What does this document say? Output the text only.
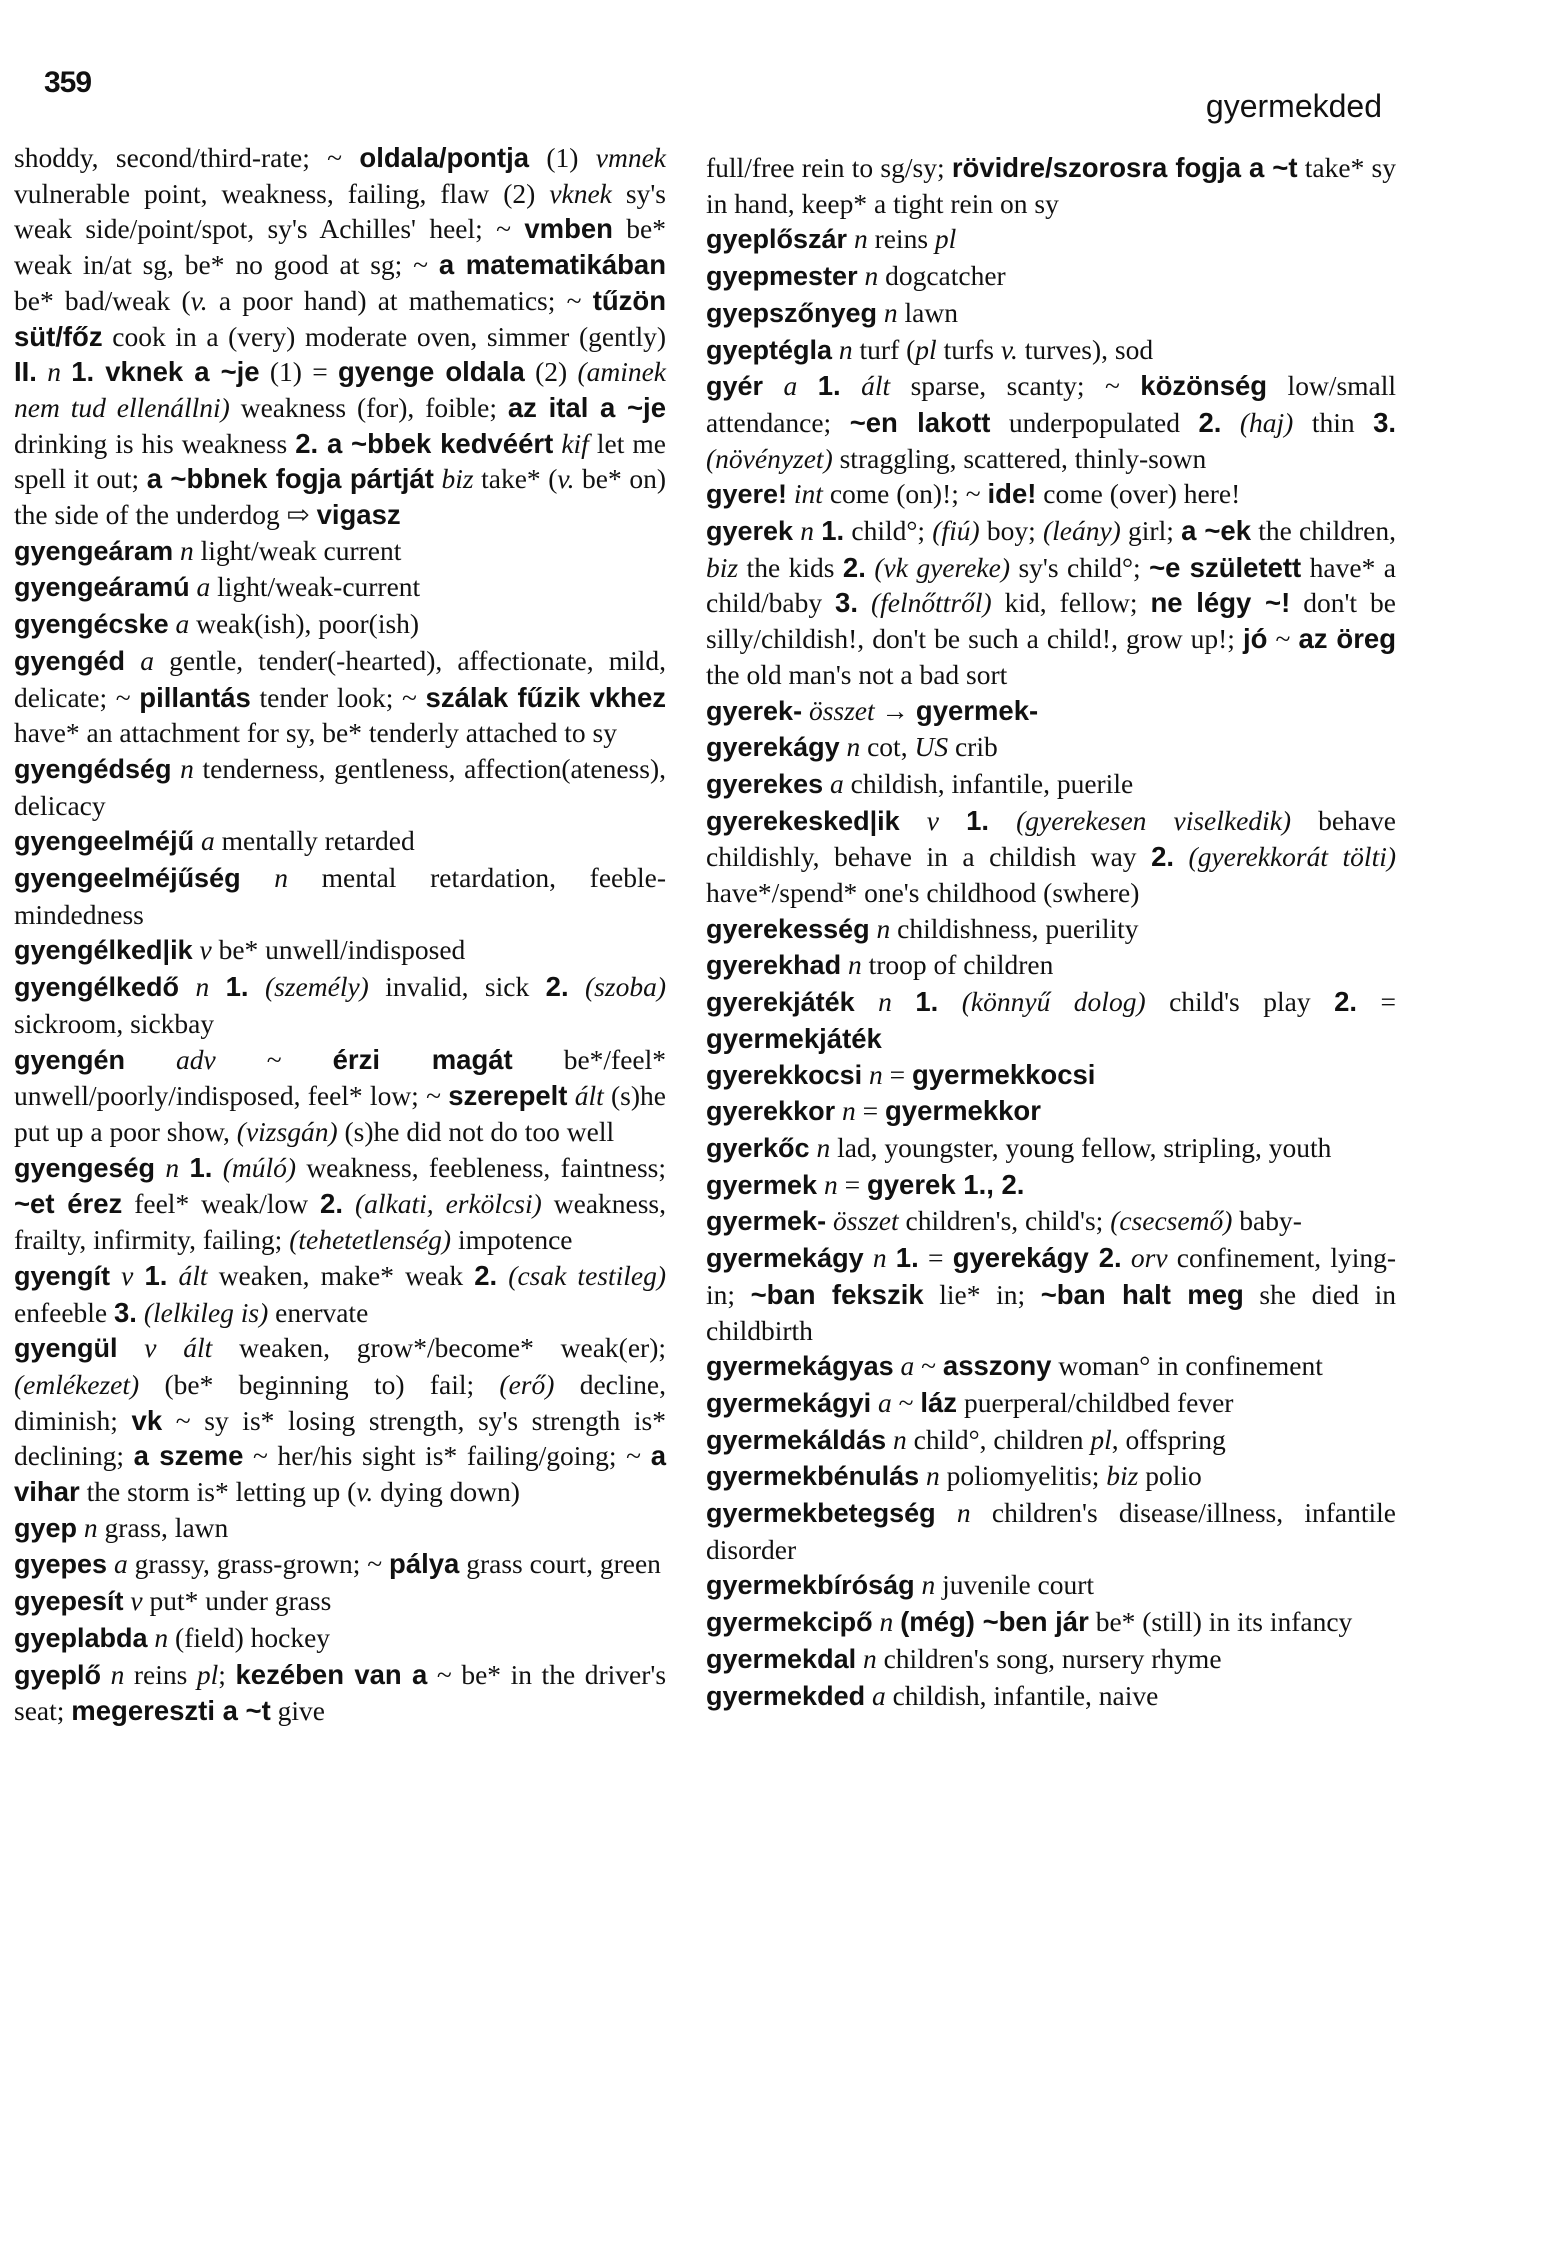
359
gyermekded

shoddy, second/third-rate; ~ oldala/pontja (1) vmnek vulnerable point, weakness, failing, flaw (2) vknek sy's weak side/point/spot, sy's Achilles' heel; ~ vmben be* weak in/at sg, be* no good at sg; ~ a matematikában be* bad/weak (v. a poor hand) at mathematics; ~ tűzön süt/főz cook in a (very) moderate oven, simmer (gently) II. n 1. vknek a ~je (1) = gyenge oldala (2) (aminek nem tud ellenállni) weakness (for), foible; az ital a ~je drinking is his weakness 2. a ~bbek kedvéért kif let me spell it out; a ~bbnek fogja pártját biz take* (v. be* on) the side of the underdog ⇨ vigasz

gyengeáram n light/weak current

gyengeáramú a light/weak-current

gyengécske a weak(ish), poor(ish)

gyengéd a gentle, tender(-hearted), affectionate, mild, delicate; ~ pillantás tender look; ~ szálak fűzik vkhez have* an attachment for sy, be* tenderly attached to sy

gyengédség n tenderness, gentleness, affection(ateness), delicacy

gyengeelméjű a mentally retarded

gyengeelméjűség n mental retardation, feeble-mindedness

gyengélked|ik v be* unwell/indisposed

gyengélkedő n 1. (személy) invalid, sick 2. (szoba) sickroom, sickbay

gyengén adv ~ érzi magát be*/feel* unwell/poorly/indisposed, feel* low; ~ szerepelt ált (s)he put up a poor show, (vizsgán) (s)he did not do too well

gyengeség n 1. (múló) weakness, feebleness, faintness; ~et érez feel* weak/low 2. (alkati, erkölcsi) weakness, frailty, infirmity, failing; (tehetetlenség) impotence

gyengít v 1. ált weaken, make* weak 2. (csak testileg) enfeeble 3. (lelkileg is) enervate

gyengül v ált weaken, grow*/become* weak(er); (emlékezet) (be* beginning to) fail; (erő) decline, diminish; vk ~ sy is* losing strength, sy's strength is* declining; a szeme ~ her/his sight is* failing/going; ~ a vihar the storm is* letting up (v. dying down)

gyep n grass, lawn

gyepes a grassy, grass-grown; ~ pálya grass court, green

gyepesít v put* under grass

gyeplabda n (field) hockey

gyeplő n reins pl; kezében van a ~ be* in the driver's seat; megereszti a ~t give

full/free rein to sg/sy; rövidre/szorosra fogja a ~t take* sy in hand, keep* a tight rein on sy

gyeplőszár n reins pl

gyepmester n dogcatcher

gyepszőnyeg n lawn

gyeptégla n turf (pl turfs v. turves), sod

gyér a 1. ált sparse, scanty; ~ közönség low/small attendance; ~en lakott underpopulated 2. (haj) thin 3. (növényzet) straggling, scattered, thinly-sown

gyere! int come (on)!; ~ ide! come (over) here!

gyerek n 1. child°; (fiú) boy; (leány) girl; a ~ek the children, biz the kids 2. (vk gyereke) sy's child°; ~e született have* a child/baby 3. (felnőttről) kid, fellow; ne légy ~! don't be silly/childish!, don't be such a child!, grow up!; jó ~ az öreg the old man's not a bad sort

gyerek- összet → gyermek-

gyerekágy n cot, US crib

gyerekes a childish, infantile, puerile

gyerekesked|ik v 1. (gyerekesen viselkedik) behave childishly, behave in a childish way 2. (gyerekkorát tölti) have*/spend* one's childhood (swhere)

gyerekesség n childishness, puerility

gyerekhad n troop of children

gyerekjáték n 1. (könnyű dolog) child's play 2. = gyermekjáték

gyerekkocsi n = gyermekkocsi

gyerekkor n = gyermekkor

gyerkőc n lad, youngster, young fellow, stripling, youth

gyermek n = gyerek 1., 2.

gyermek- összet children's, child's; (csecsemő) baby-

gyermekágy n 1. = gyerekágy 2. orv confinement, lying-in; ~ban fekszik lie* in; ~ban halt meg she died in childbirth

gyermekágyas a ~ asszony woman° in confinement

gyermekágyi a ~ láz puerperal/childbed fever

gyermekáldás n child°, children pl, offspring

gyermekbénulás n poliomyelitis; biz polio

gyermekbetegség n children's disease/illness, infantile disorder

gyermekbíróság n juvenile court

gyermekcipő n (még) ~ben jár be* (still) in its infancy

gyermekdal n children's song, nursery rhyme

gyermekded a childish, infantile, naive
